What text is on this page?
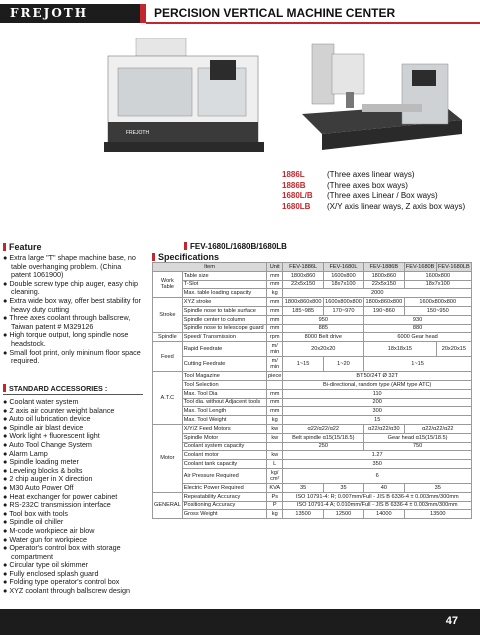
FREJOTH	PERCISION VERTICAL MACHINE CENTER
FREJOTH
1886L	(Three axes linear ways)
1886B	(Three axes box ways)
1680L/B	(Three axes Linear / Box ways)
1680LB	(X/Y axis linear ways, Z axis box ways)
FEV-1680L/1680B/1680LB
Feature
● Extra large "T" shape machine base, no table overhanging problem. (China patent 1061900)
● Double screw type chip auger, easy chip cleaning.
● Extra wide box way, offer best stability for heavy duty cutting
● Three axes coolant through ballscrew, Taiwan patent # M329126
● High torque output, long spindle nose headstock.
● Small foot print, only mininum floor space required.
STANDARD ACCESSORIES :
● Coolant water system
● Z axis air counter weight balance
● Auto oil lubrication device
● Spindle air blast device
● Work light + fluorescent light
● Auto Tool Change System
● Alarm Lamp
● Spindle loading meter
● Leveling blocks & bolts
● 2 chip auger in X direction
● M30 Auto Power Off
● Heat exchanger for power cabinet
● RS-232C transmission interface
● Tool box with tools
● Spindle oil chiller
● M-code workpiece air blow
● Water gun for workpiece
● Operator's control box with storage compartment
● Circular type oil skimmer
● Fully enclosed splash guard
● Folding type operator's control box
● XYZ coolant through ballscrew design
Specifications
Item		Unit	FEV-1886L	FEV-1680L	FEV-1886B	FEV-1680B	FEV-1680LB
Work Table	Table size	mm	1800x860	1600x800	1800x860	1600x800	
	T-Slot	mm	22x5x150	18x7x100	22x5x150	18x7x100	
	Max. table loading capacity	kg	2000				
Stroke	XYZ stroke	mm	1800x860x800	1600x800x800	1800x860x800	1600x800x800	
	Spindle nose to table surface	mm	185~985	170~970	190~860	150~950	
	Spindle center to column	mm	950		930		
	Spindle nose to telescope guard	mm	885		880		
Spindle	Speed/ Transmission	rpm	8000 Belt drive		6000 Gear head		
Feed	Rapid Feedrate	m/ min	20x20x20		18x18x15		20x20x15
	Cutting Feedrate	m/ min	1~15	1~20	1~15		
A.T.C	Tool Magazine	piece	BT50/24T Ø 32T				
	Tool Selection		Bi-directional, random type (ARM type ATC)				
	Max. Tool Dia	mm	110				
	Tool dia. without Adjacent tools	mm	200				
	Max. Tool Length	mm	300				
	Max. Tool Weight	kg	15				
Motor	X/Y/Z Feed Motors	kw	α22/α22/α22		α22/α22/α30	α22/α22/α22	
	Spindle Motor	kw	Belt spindle α15(15/18.5)		Gear head α15(15/18.5)		
	Coolant system capacity		250		750		
	Coolant motor	kw	1.27				
	Coolant tank capacity	L	350				
	Air Pressure Required	kg/ cm²	6				
	Electric Power Required	KVA	35	35	40	35	
GENERAL	Repeatability Accuracy	Ps	ISO 10791-4: R; 0.007mm/Full - JIS B 6336-4 ± 0.003mm/300mm				
	Positioning Accuracy	P	ISO 10791-4 A; 0.010mm/Full - JIS B 6336-4 ± 0.003mm/300mm				
	Gross Weight	kg	13500	12500	14000	13500	
47
